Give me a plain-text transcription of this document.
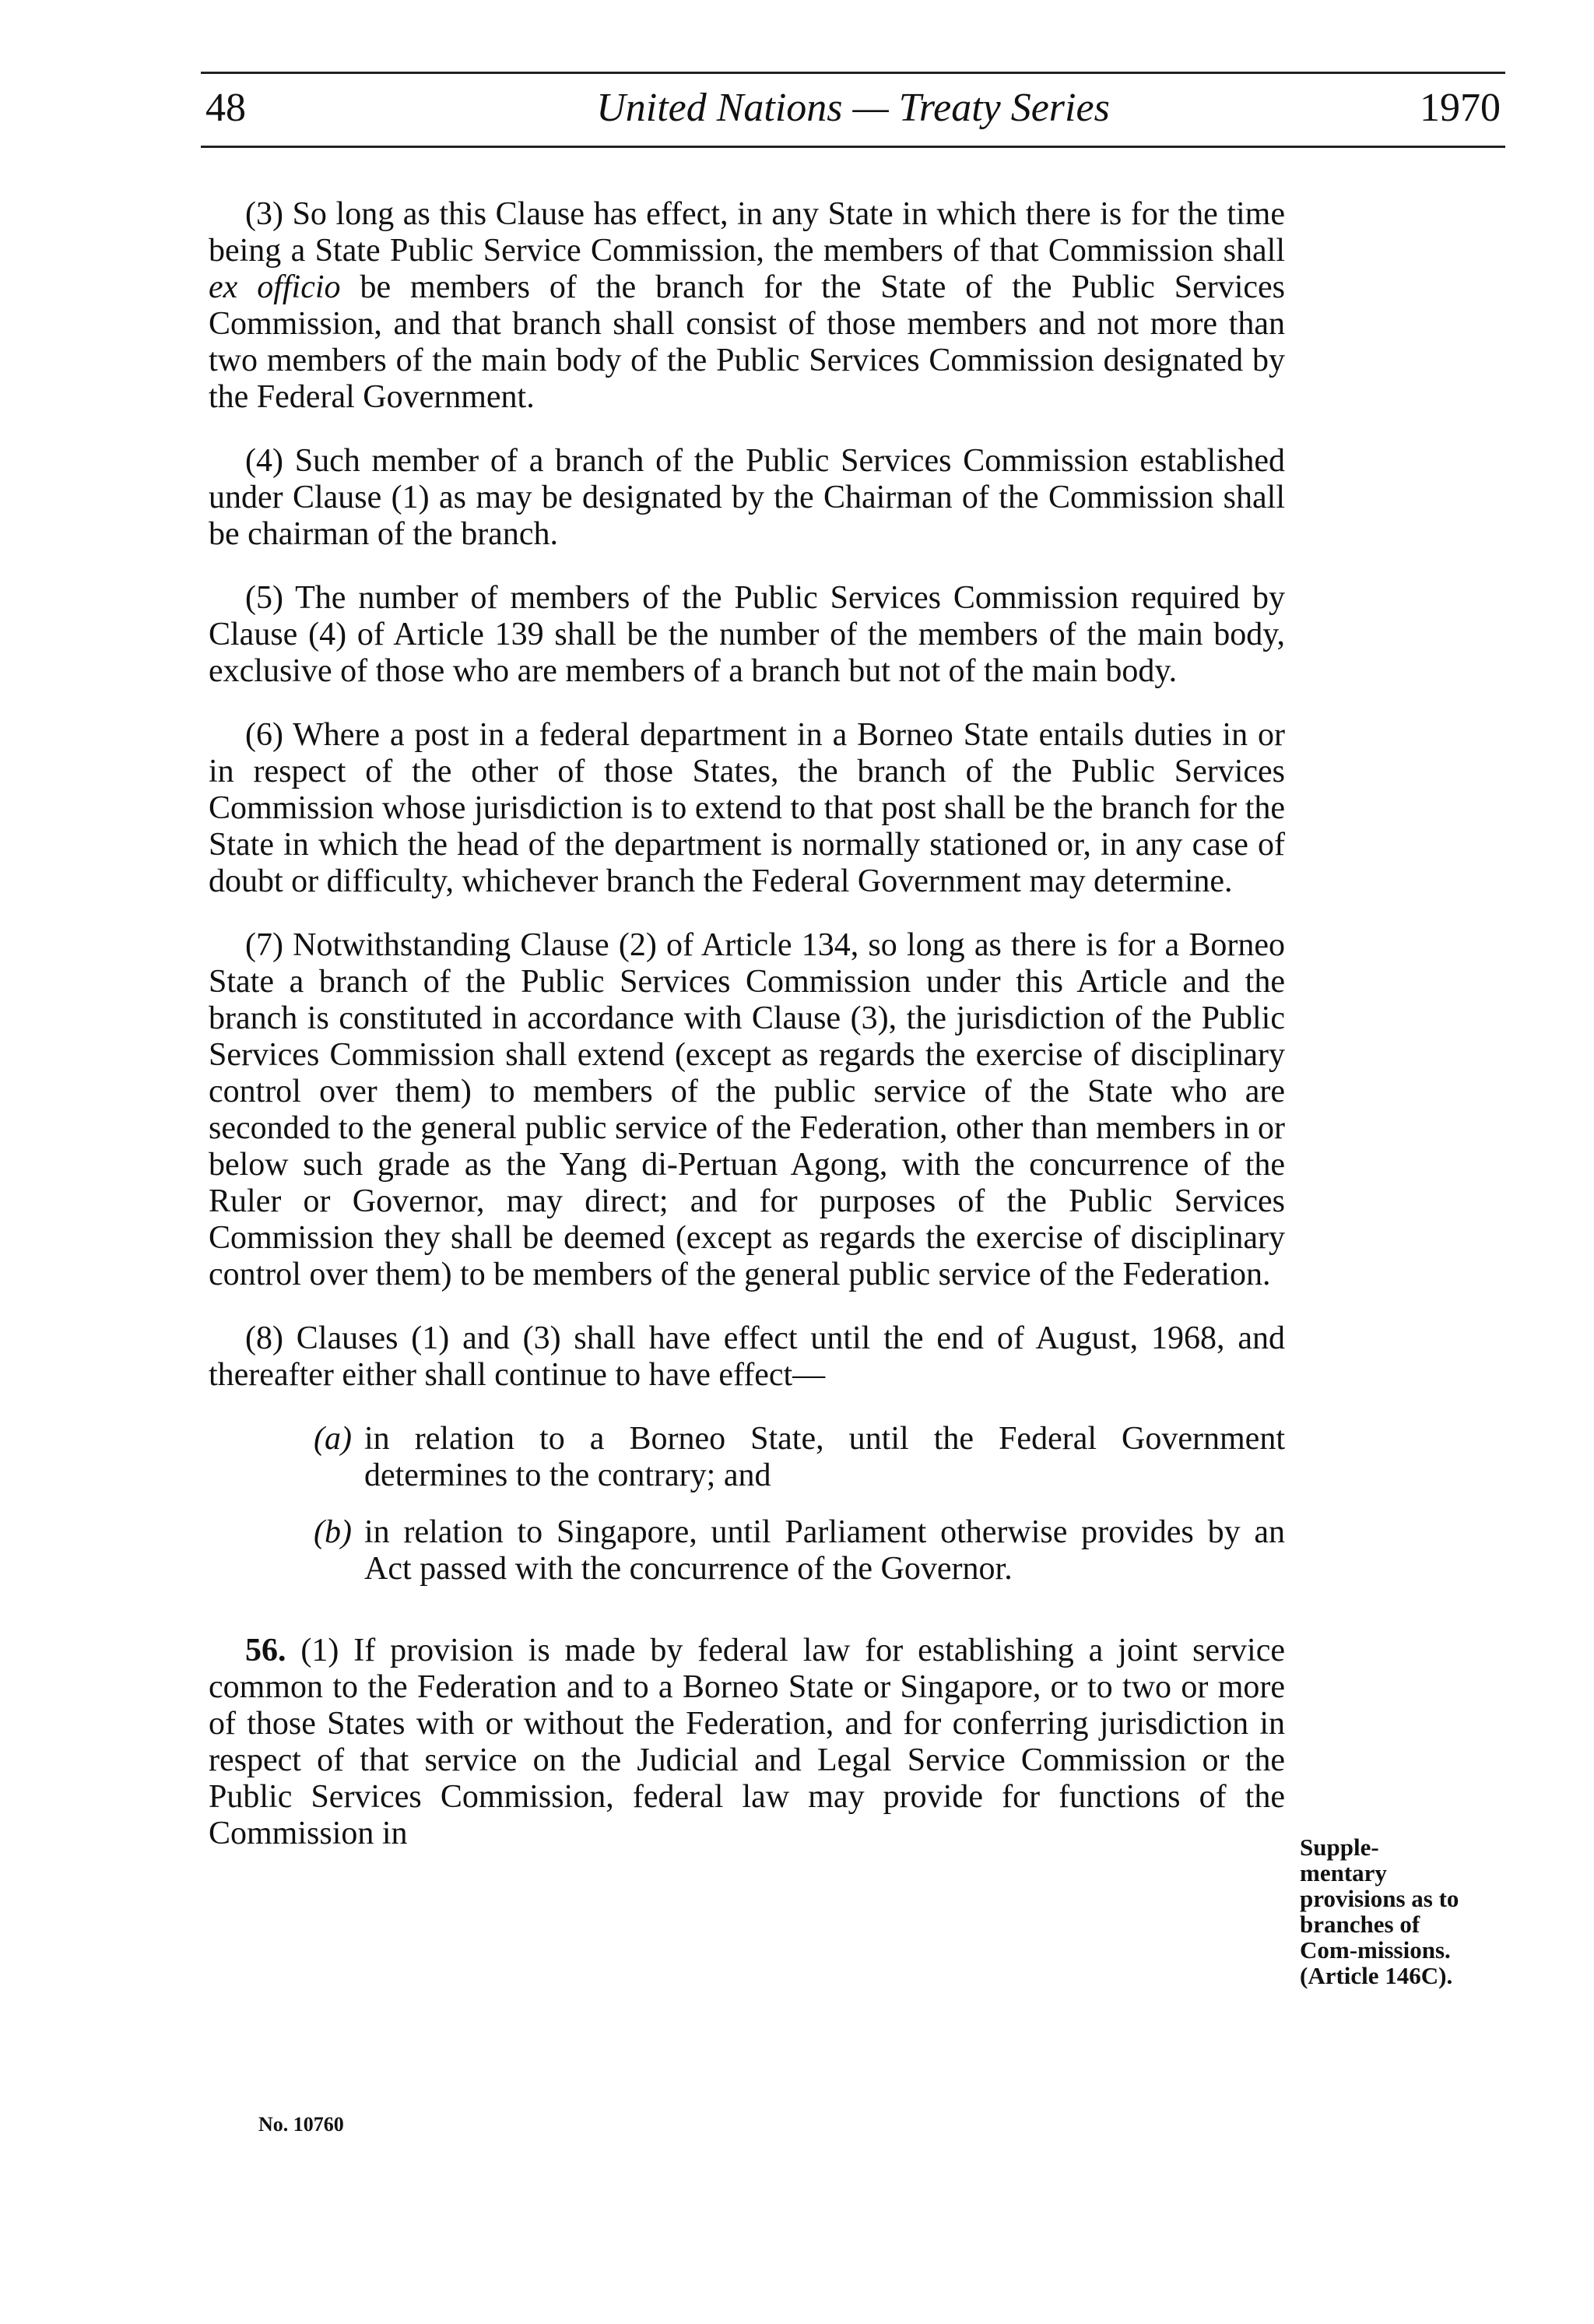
48	United Nations — Treaty Series	1970

(3) So long as this Clause has effect, in any State in which there is for the time being a State Public Service Commission, the members of that Commission shall ex officio be members of the branch for the State of the Public Services Commission, and that branch shall consist of those members and not more than two members of the main body of the Public Services Commission designated by the Federal Government.

(4) Such member of a branch of the Public Services Commission established under Clause (1) as may be designated by the Chairman of the Commission shall be chairman of the branch.

(5) The number of members of the Public Services Commission required by Clause (4) of Article 139 shall be the number of the members of the main body, exclusive of those who are members of a branch but not of the main body.

(6) Where a post in a federal department in a Borneo State entails duties in or in respect of the other of those States, the branch of the Public Services Commission whose jurisdiction is to extend to that post shall be the branch for the State in which the head of the department is normally stationed or, in any case of doubt or difficulty, whichever branch the Federal Government may determine.

(7) Notwithstanding Clause (2) of Article 134, so long as there is for a Borneo State a branch of the Public Services Commission under this Article and the branch is constituted in accordance with Clause (3), the jurisdiction of the Public Services Commission shall extend (except as regards the exercise of disciplinary control over them) to members of the public service of the State who are seconded to the general public service of the Federation, other than members in or below such grade as the Yang di-Pertuan Agong, with the concurrence of the Ruler or Governor, may direct; and for purposes of the Public Services Commission they shall be deemed (except as regards the exercise of disciplinary control over them) to be members of the general public service of the Federation.

(8) Clauses (1) and (3) shall have effect until the end of August, 1968, and thereafter either shall continue to have effect—

(a) in relation to a Borneo State, until the Federal Government determines to the contrary; and

(b) in relation to Singapore, until Parliament otherwise provides by an Act passed with the concurrence of the Governor.

56. (1) If provision is made by federal law for establishing a joint service common to the Federation and to a Borneo State or Singapore, or to two or more of those States with or without the Federation, and for conferring jurisdiction in respect of that service on the Judicial and Legal Service Commission or the Public Services Commission, federal law may provide for functions of the Commission in	Supple-mentary provisions as to branches of Com-missions. (Article 146C).
No. 10760
